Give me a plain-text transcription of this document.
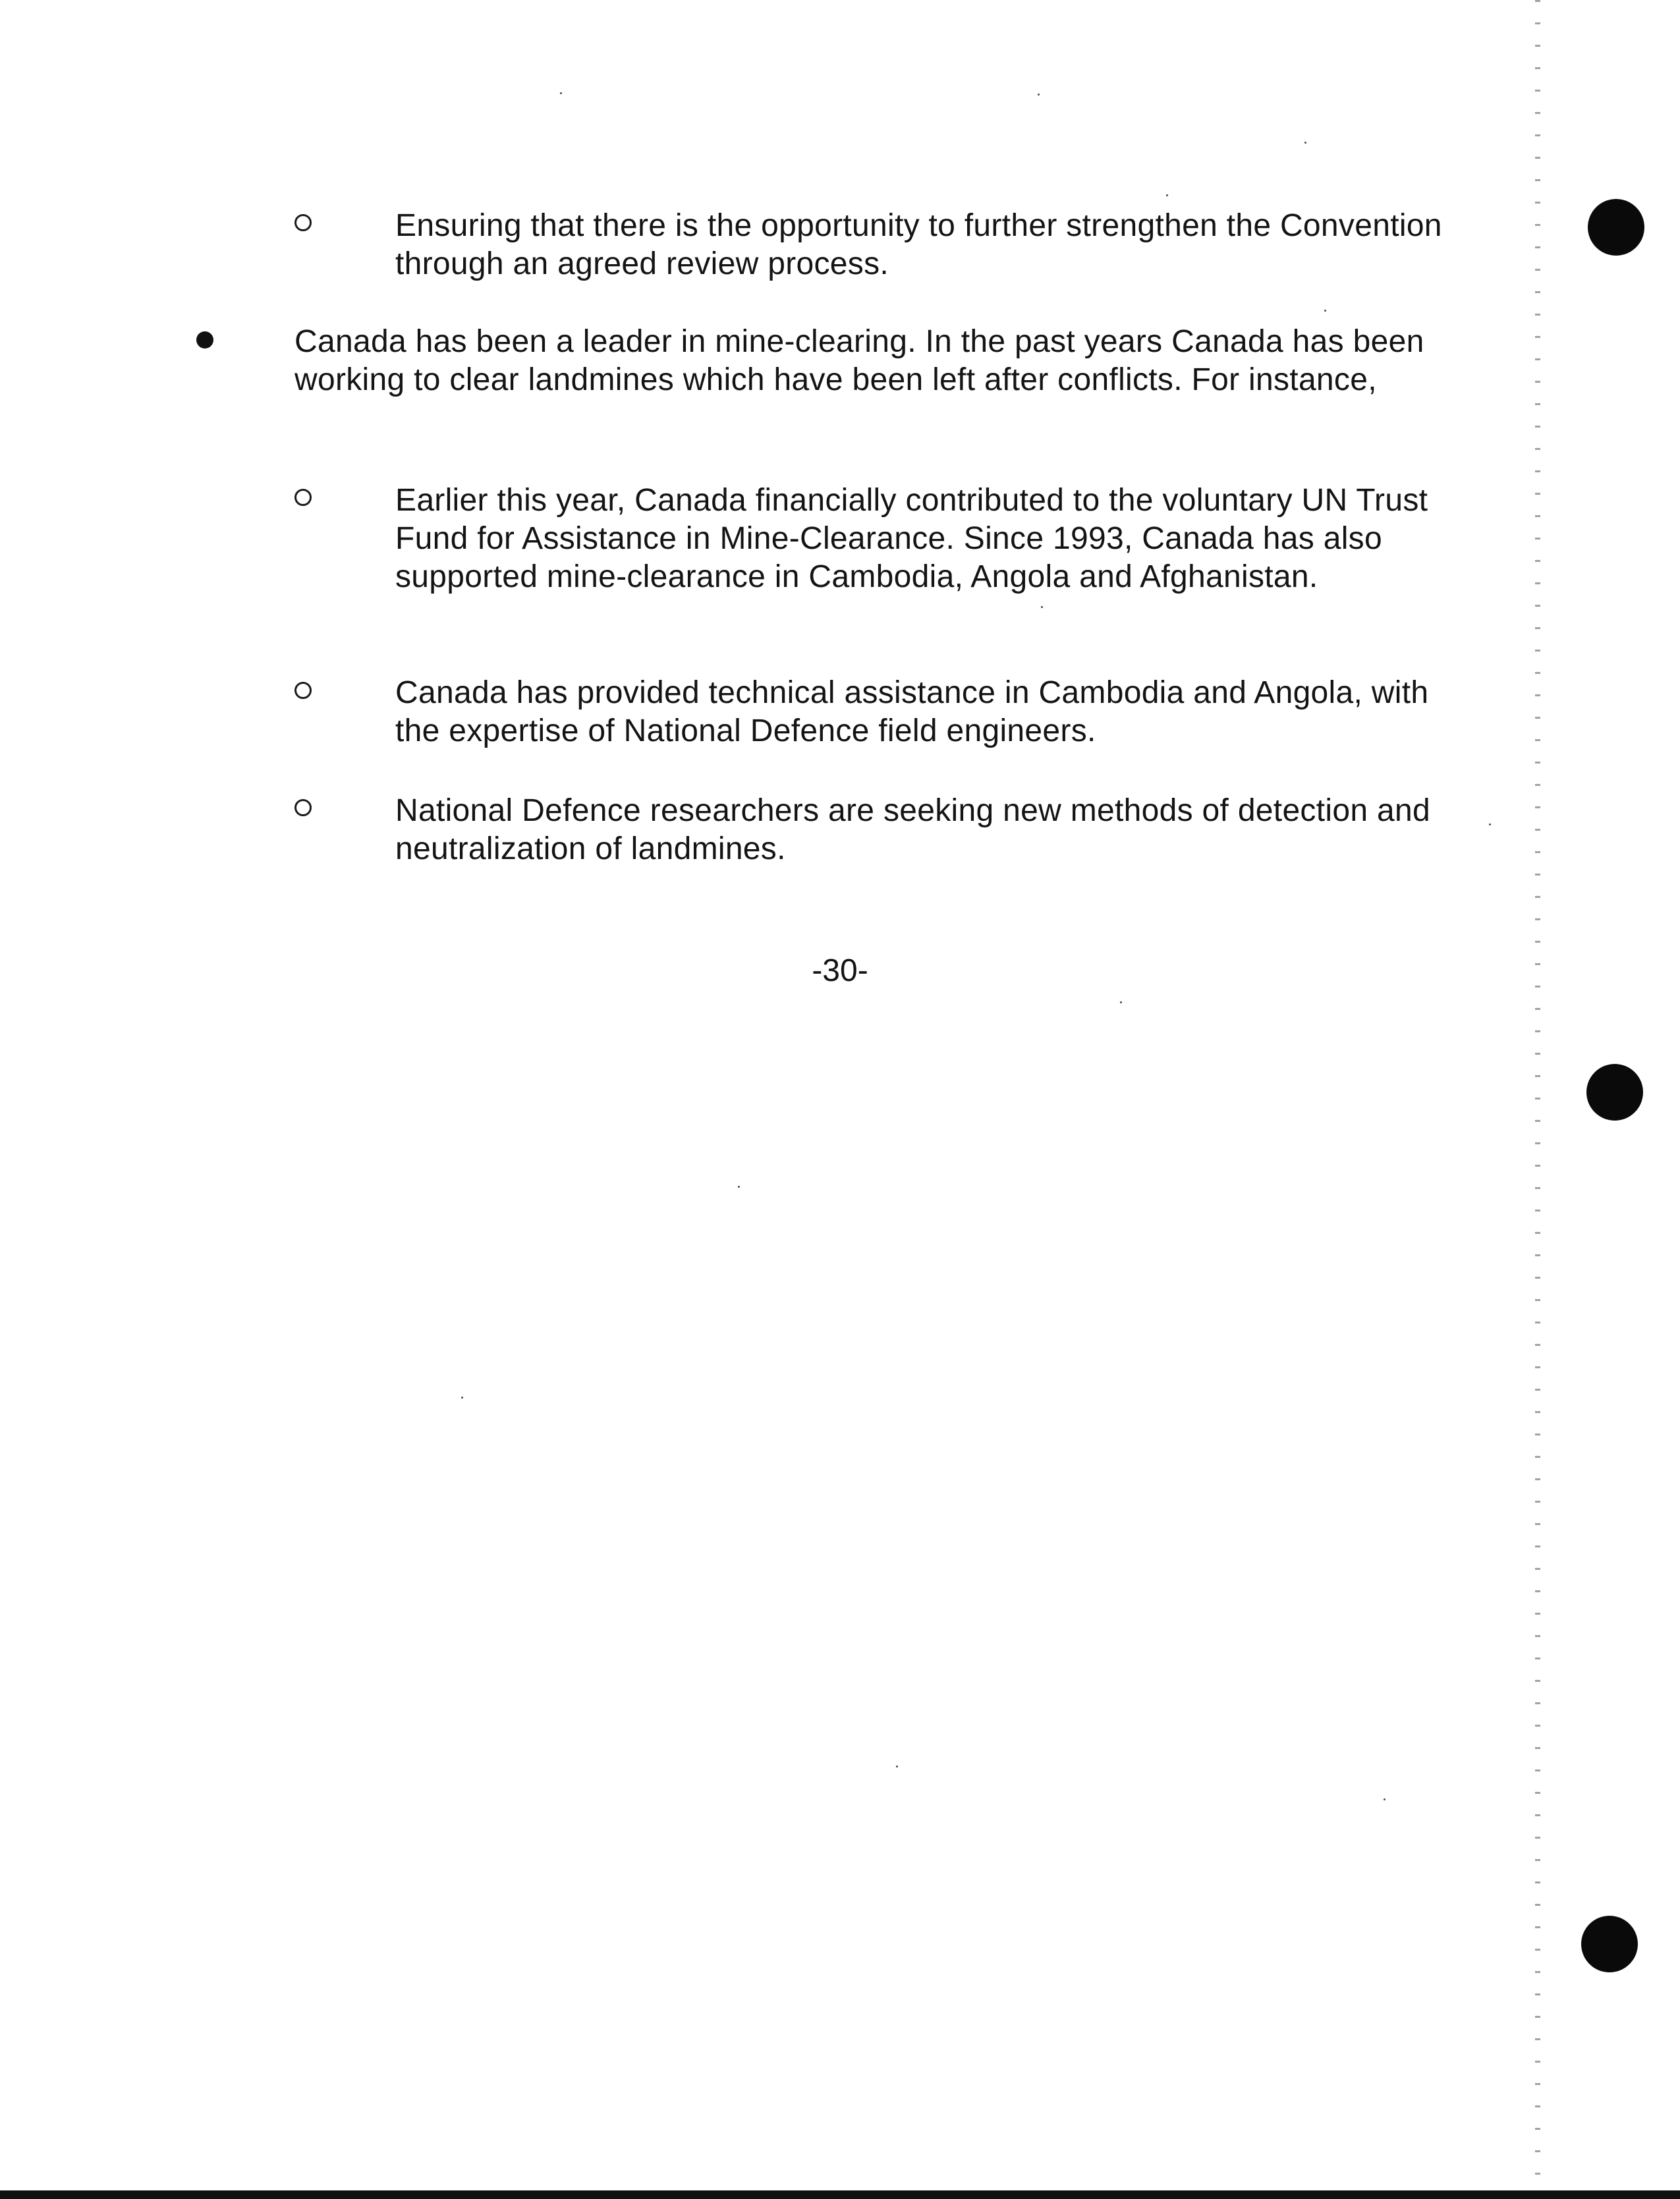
Ensuring that there is the opportunity to further strengthen the Convention through an agreed review process.
Canada has been a leader in mine-clearing. In the past years Canada has been working to clear landmines which have been left after conflicts. For instance,
Earlier this year, Canada financially contributed to the voluntary UN Trust Fund for Assistance in Mine-Clearance. Since 1993, Canada has also supported mine-clearance in Cambodia, Angola and Afghanistan.
Canada has provided technical assistance in Cambodia and Angola, with the expertise of National Defence field engineers.
National Defence researchers are seeking new methods of detection and neutralization of landmines.
-30-
